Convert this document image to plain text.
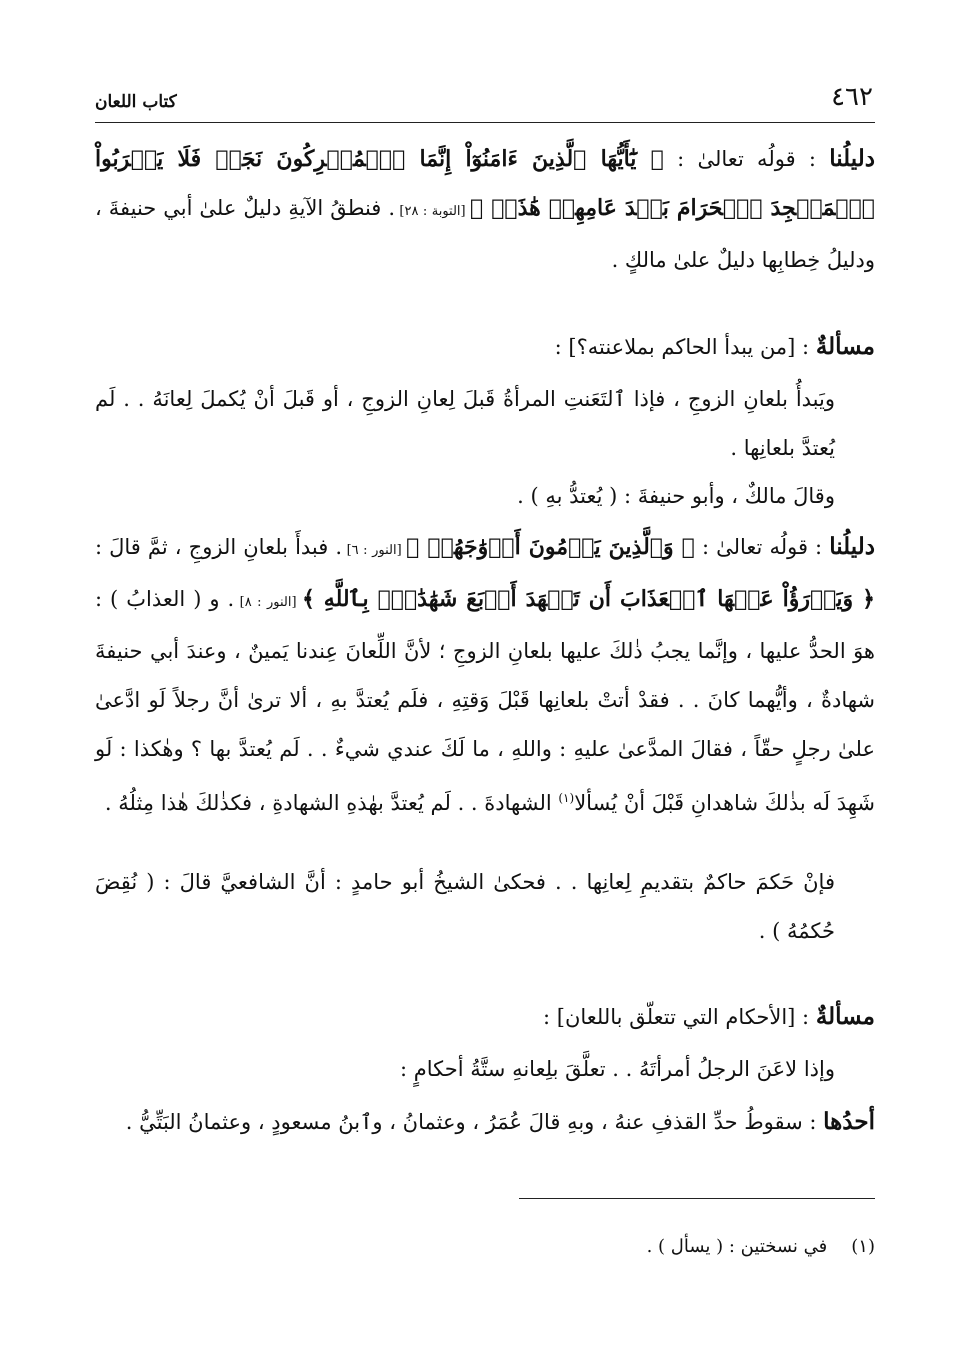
٤٦٢
كتاب اللعان

دليلُنا : قولُه تعالىٰ : ﴿ يَٰٓأَيُّهَا ٱلَّذِينَ ءَامَنُوٓاْ إِنَّمَا ٱلۡمُشۡرِكُونَ نَجَسٞ فَلَا يَقۡرَبُواْ ٱلۡمَسۡجِدَ ٱلۡحَرَامَ بَعۡدَ عَامِهِمۡ هَٰذَاۚ ﴾ [التوبة : ٢٨] . فنطقُ الآيةِ دليلٌ علىٰ أبي حنيفةَ ، ودليلُ خِطابِها دليلٌ علىٰ مالكٍ .

مسألةٌ : [من يبدأ الحاكم بملاعنته؟] :

ويَبدأُ بلعانِ الزوجِ ، فإذا ٱلتَعَنتِ المرأةُ قَبلَ لِعانِ الزوجِ ، أو قَبلَ أنْ يُكملَ لِعانَهُ . . لَم يُعتدَّ بلعانِها .

وقالَ مالكٌ ، وأبو حنيفةَ : ( يُعتدُّ بهِ ) .

دليلُنا : قولُه تعالىٰ : ﴿ وَٱلَّذِينَ يَرۡمُونَ أَزۡوَٰجَهُمۡ ﴾ [النور : ٦] . فبدأَ بلعانِ الزوجِ ، ثمَّ قالَ : ﴿ وَيَدۡرَؤُاْ عَنۡهَا ٱلۡعَذَابَ أَن تَشۡهَدَ أَرۡبَعَ شَهَٰدَٰتِۭ بِٱللَّهِ ﴾ [النور : ٨] . و ( العذابُ ) : هوَ الحدُّ عليها ، وإنَّما يجبُ ذٰلكَ عليها بلعانِ الزوجِ ؛ لأنَّ اللِّعانَ عِندنا يَمينٌ ، وعندَ أبي حنيفةَ شهادةٌ ، وأيُّهما كانَ . . فقدْ أتتْ بلعانِها قَبْلَ وَقتِهِ ، فلَم يُعتدَّ بهِ ، ألا ترىٰ أنَّ رجلاً لَو ادَّعىٰ علىٰ رجلٍ حقّاً ، فقالَ المدَّعىٰ عليهِ : واللهِ ، ما لَكَ عندي شيءٌ . . لَم يُعتدَّ بها ؟ وهٰكذا : لَو شَهِدَ لَه بذٰلكَ شاهدانِ قَبْلَ أنْ يُسألا$^{(١)}$ الشهادةَ . . لَم يُعتدَّ بهٰذهِ الشهادةِ ، فكذٰلكَ هٰذا مِثلُهُ .

فإنْ حَكمَ حاكمٌ بتقديمِ لِعانِها . . فحكىٰ الشيخُ أبو حامدٍ : أنَّ الشافعيَّ قالَ : ( نُقِضَ حُكمُهُ ) .

مسألةٌ : [الأحكام التي تتعلّق باللعان] :

وإذا لاعَنَ الرجلُ أمرأتَهُ . . تعلَّقَ بلِعانهِ ستَّةُ أحكامٍ :

أحدُها : سقوطُ حدِّ القذفِ عنهُ ، وبهِ قالَ عُمَرُ ، وعثمانُ ، وٱبنُ مسعودٍ ، وعثمانُ البَتِّيُّ .

(١)في نسختين : ( يسأل ) .
